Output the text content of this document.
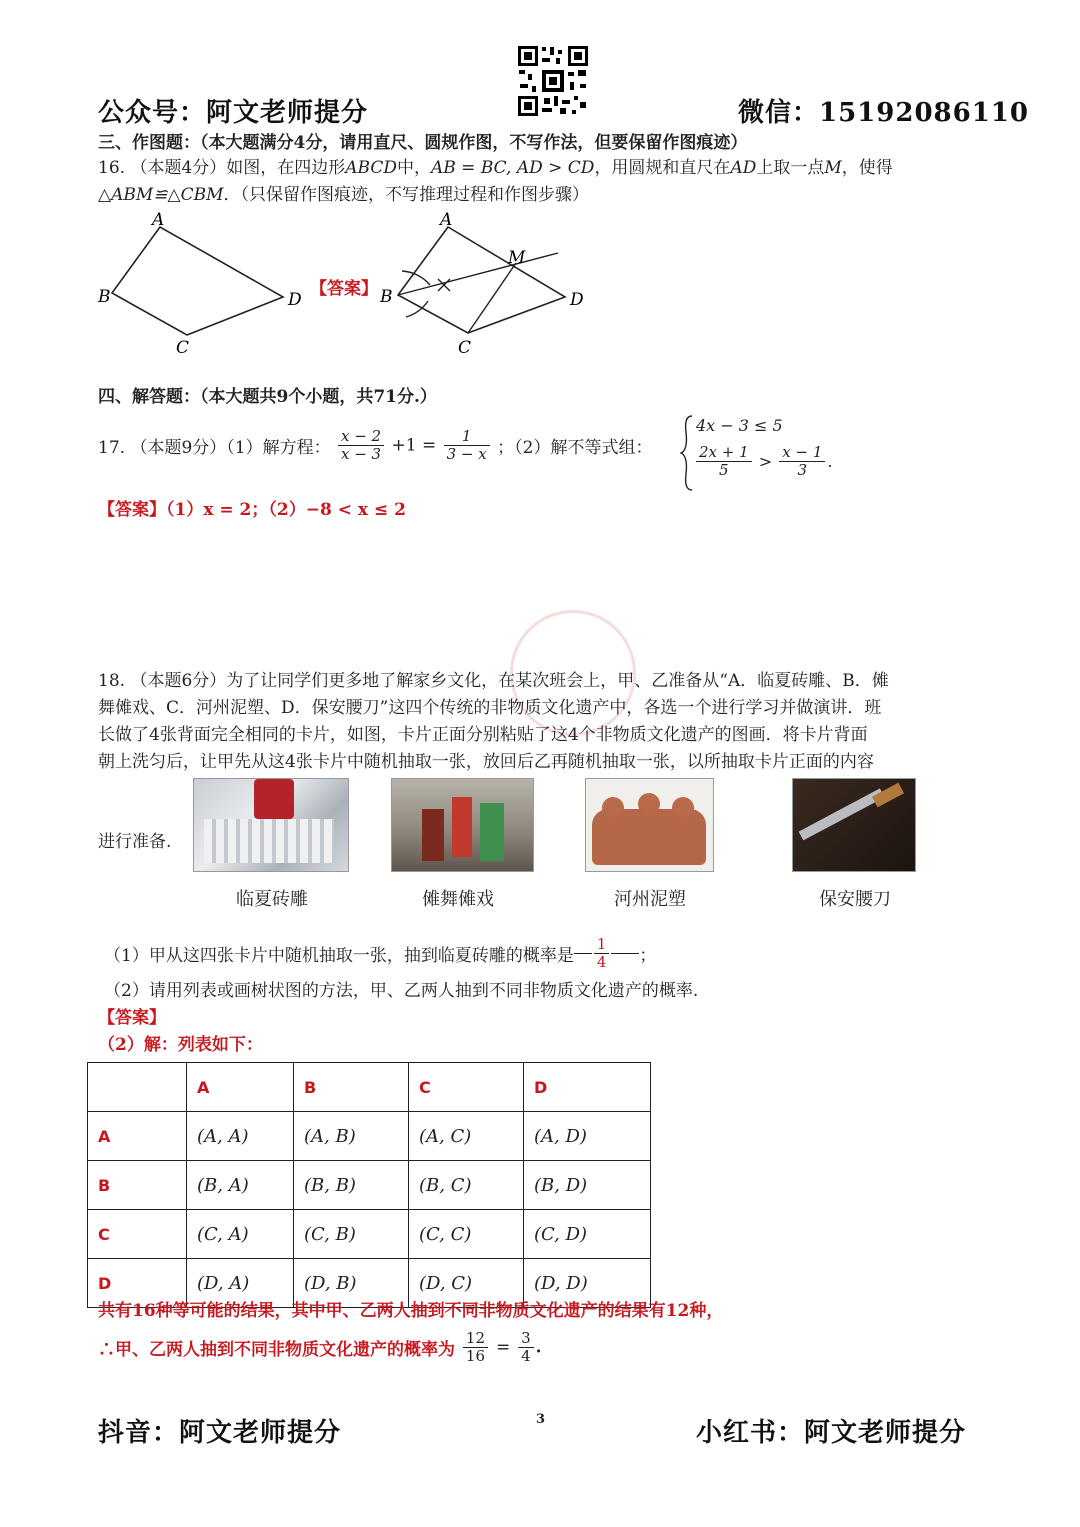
公众号：阿文老师提分	微信：15192086110
三、作图题：（本大题满分4分，请用直尺、圆规作图，不写作法，但要保留作图痕迹）
16. （本题4分）如图，在四边形ABCD中，AB = BC, AD > CD，用圆规和直尺在AD上取一点M，使得
△ABM≌△CBM．（只保留作图痕迹，不写推理过程和作图步骤）
A
B
C
D
【答案】
A
B
C
D
M
四、解答题：（本大题共9个小题，共71分.）
17. （本题9分）（1）解方程： $\frac{x - 2}{x - 3} +1 = \frac{1}{3 - x}$ ；（2）解不等式组：
4x − 3 ≤ 5
$\frac{2x + 1}{5} > \frac{x - 1}{3}$ .
【答案】（1）x = 2；（2）−8 < x ≤ 2
18. （本题6分）为了让同学们更多地了解家乡文化，在某次班会上，甲、乙准备从“A．临夏砖雕、B．傩
舞傩戏、C．河州泥塑、D．保安腰刀”这四个传统的非物质文化遗产中，各选一个进行学习并做演讲．班
长做了4张背面完全相同的卡片，如图，卡片正面分别粘贴了这4个非物质文化遗产的图画．将卡片背面
朝上洗匀后，让甲先从这4张卡片中随机抽取一张，放回后乙再随机抽取一张，以所抽取卡片正面的内容
进行准备.
临夏砖雕	傩舞傩戏	河州泥塑	保安腰刀
（1）甲从这四张卡片中随机抽取一张，抽到临夏砖雕的概率是 $\frac{1}{4}$ ；
（2）请用列表或画树状图的方法，甲、乙两人抽到不同非物质文化遗产的概率.
【答案】
（2）解：列表如下：
	A	B	C	D
A	(A, A)	(A, B)	(A, C)	(A, D)
B	(B, A)	(B, B)	(B, C)	(B, D)
C	(C, A)	(C, B)	(C, C)	(C, D)
D	(D, A)	(D, B)	(D, C)	(D, D)
共有16种等可能的结果，其中甲、乙两人抽到不同非物质文化遗产的结果有12种，
∴甲、乙两人抽到不同非物质文化遗产的概率为 $\frac{12}{16} = \frac{3}{4}$ .
抖音：阿文老师提分	3	小红书：阿文老师提分
